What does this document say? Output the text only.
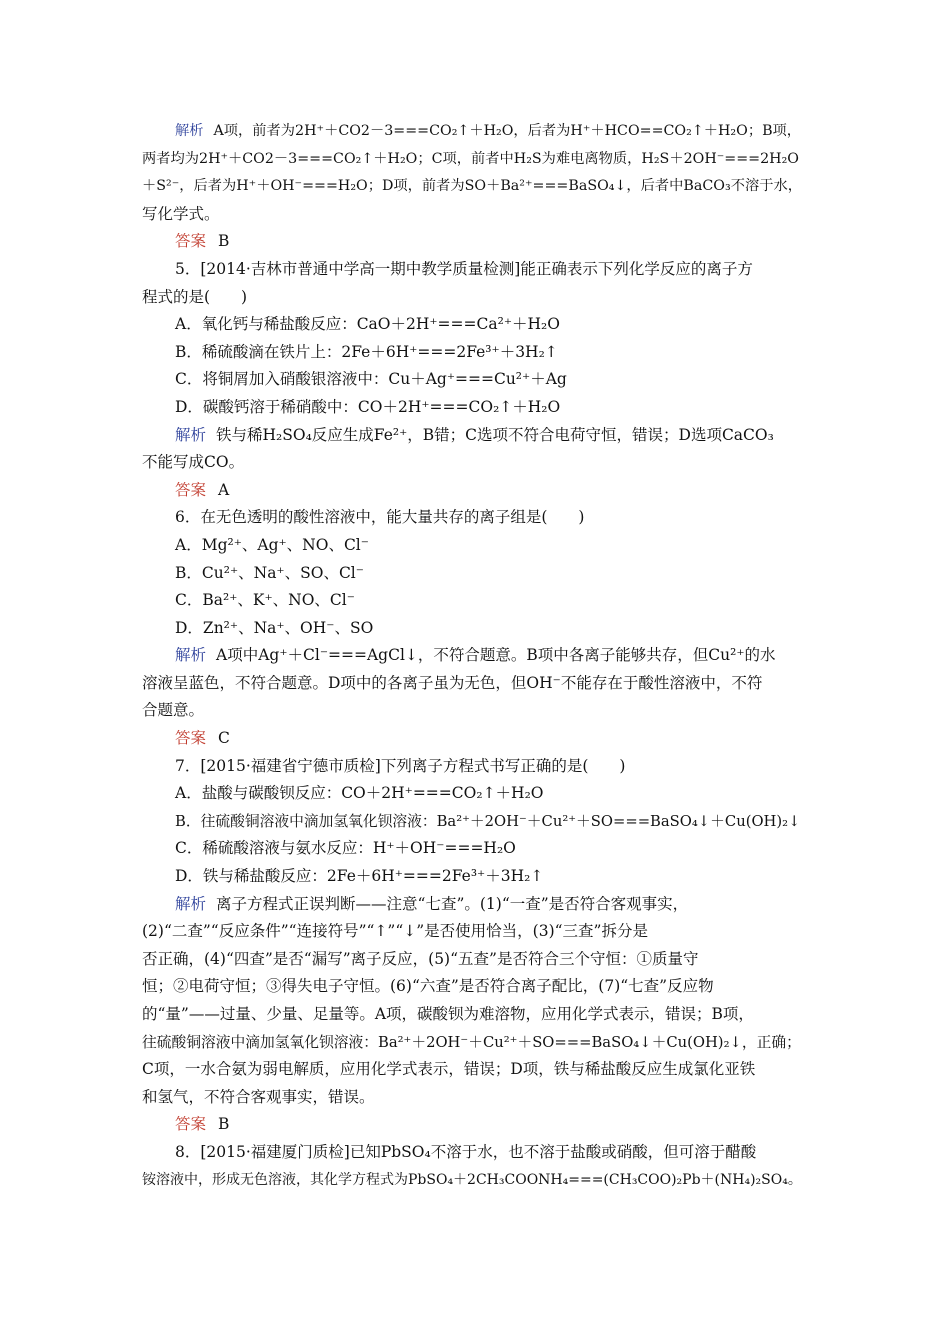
解析 A项，前者为2H⁺＋CO2－3===CO₂↑＋H₂O，后者为H⁺＋HCO==CO₂↑＋H₂O；B项，
两者均为2H⁺＋CO2－3===CO₂↑＋H₂O；C项，前者中H₂S为难电离物质，H₂S＋2OH⁻===2H₂O
＋S²⁻，后者为H⁺＋OH⁻===H₂O；D项，前者为SO＋Ba²⁺===BaSO₄↓，后者中BaCO₃不溶于水，
写化学式。
答案 B
5．[2014·吉林市普通中学高一期中教学质量检测]能正确表示下列化学反应的离子方
程式的是(　　)
A．氧化钙与稀盐酸反应：CaO＋2H⁺===Ca²⁺＋H₂O
B．稀硫酸滴在铁片上：2Fe＋6H⁺===2Fe³⁺＋3H₂↑
C．将铜屑加入硝酸银溶液中：Cu＋Ag⁺===Cu²⁺＋Ag
D．碳酸钙溶于稀硝酸中：CO＋2H⁺===CO₂↑＋H₂O
解析 铁与稀H₂SO₄反应生成Fe²⁺，B错；C选项不符合电荷守恒，错误；D选项CaCO₃
不能写成CO。
答案 A
6．在无色透明的酸性溶液中，能大量共存的离子组是(　　)
A．Mg²⁺、Ag⁺、NO、Cl⁻
B．Cu²⁺、Na⁺、SO、Cl⁻
C．Ba²⁺、K⁺、NO、Cl⁻
D．Zn²⁺、Na⁺、OH⁻、SO
解析 A项中Ag⁺＋Cl⁻===AgCl↓，不符合题意。B项中各离子能够共存，但Cu²⁺的水
溶液呈蓝色，不符合题意。D项中的各离子虽为无色，但OH⁻不能存在于酸性溶液中，不符
合题意。
答案 C
7．[2015·福建省宁德市质检]下列离子方程式书写正确的是(　　)
A．盐酸与碳酸钡反应：CO＋2H⁺===CO₂↑＋H₂O
B．往硫酸铜溶液中滴加氢氧化钡溶液：Ba²⁺＋2OH⁻＋Cu²⁺＋SO===BaSO₄↓＋Cu(OH)₂↓
C．稀硫酸溶液与氨水反应：H⁺＋OH⁻===H₂O
D．铁与稀盐酸反应：2Fe＋6H⁺===2Fe³⁺＋3H₂↑
解析 离子方程式正误判断——注意“七查”。(1)“一查”是否符合客观事实，
(2)“二查”“反应条件”“连接符号”“↑”“↓”是否使用恰当，(3)“三查”拆分是
否正确，(4)“四查”是否“漏写”离子反应，(5)“五查”是否符合三个守恒：①质量守
恒；②电荷守恒；③得失电子守恒。(6)“六查”是否符合离子配比，(7)“七查”反应物
的“量”——过量、少量、足量等。A项，碳酸钡为难溶物，应用化学式表示，错误；B项，
往硫酸铜溶液中滴加氢氧化钡溶液：Ba²⁺＋2OH⁻＋Cu²⁺＋SO===BaSO₄↓＋Cu(OH)₂↓，正确；
C项，一水合氨为弱电解质，应用化学式表示，错误；D项，铁与稀盐酸反应生成氯化亚铁
和氢气，不符合客观事实，错误。
答案 B
8．[2015·福建厦门质检]已知PbSO₄不溶于水，也不溶于盐酸或硝酸，但可溶于醋酸
铵溶液中，形成无色溶液，其化学方程式为PbSO₄＋2CH₃COONH₄===(CH₃COO)₂Pb＋(NH₄)₂SO₄。
